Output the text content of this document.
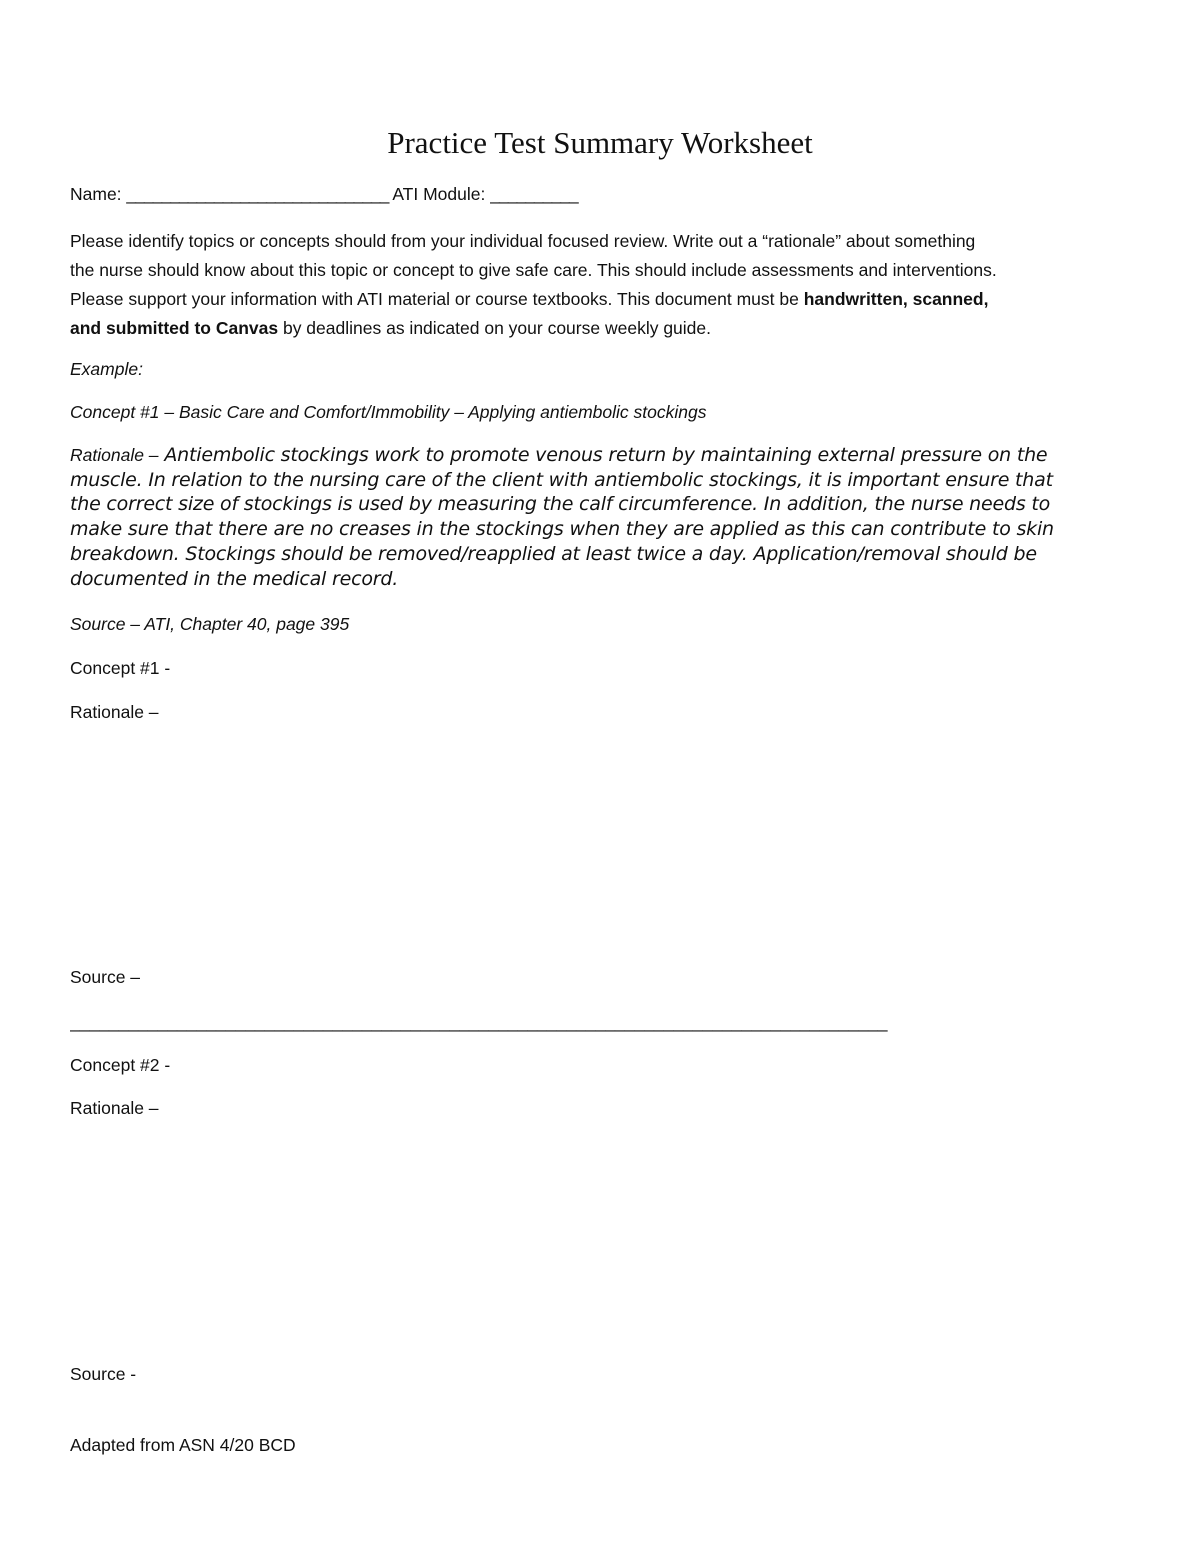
Practice Test Summary Worksheet
Name: ______________________________ ATI Module: __________
Please identify topics or concepts should from your individual focused review. Write out a “rationale” about something
the nurse should know about this topic or concept to give safe care. This should include assessments and interventions.
Please support your information with ATI material or course textbooks. This document must be handwritten, scanned,
and submitted to Canvas by deadlines as indicated on your course weekly guide.
Example:
Concept #1 – Basic Care and Comfort/Immobility – Applying antiembolic stockings
Rationale – Antiembolic stockings work to promote venous return by maintaining external pressure on the
muscle. In relation to the nursing care of the client with antiembolic stockings, it is important ensure that
the correct size of stockings is used by measuring the calf circumference. In addition, the nurse needs to
make sure that there are no creases in the stockings when they are applied as this can contribute to skin
breakdown. Stockings should be removed/reapplied at least twice a day. Application/removal should be
documented in the medical record.
Source – ATI, Chapter 40, page 395
Concept #1 -
Rationale –
Source –
____________________________________________________________________________________
Concept #2 -
Rationale –
Source -
Adapted from ASN 4/20 BCD
